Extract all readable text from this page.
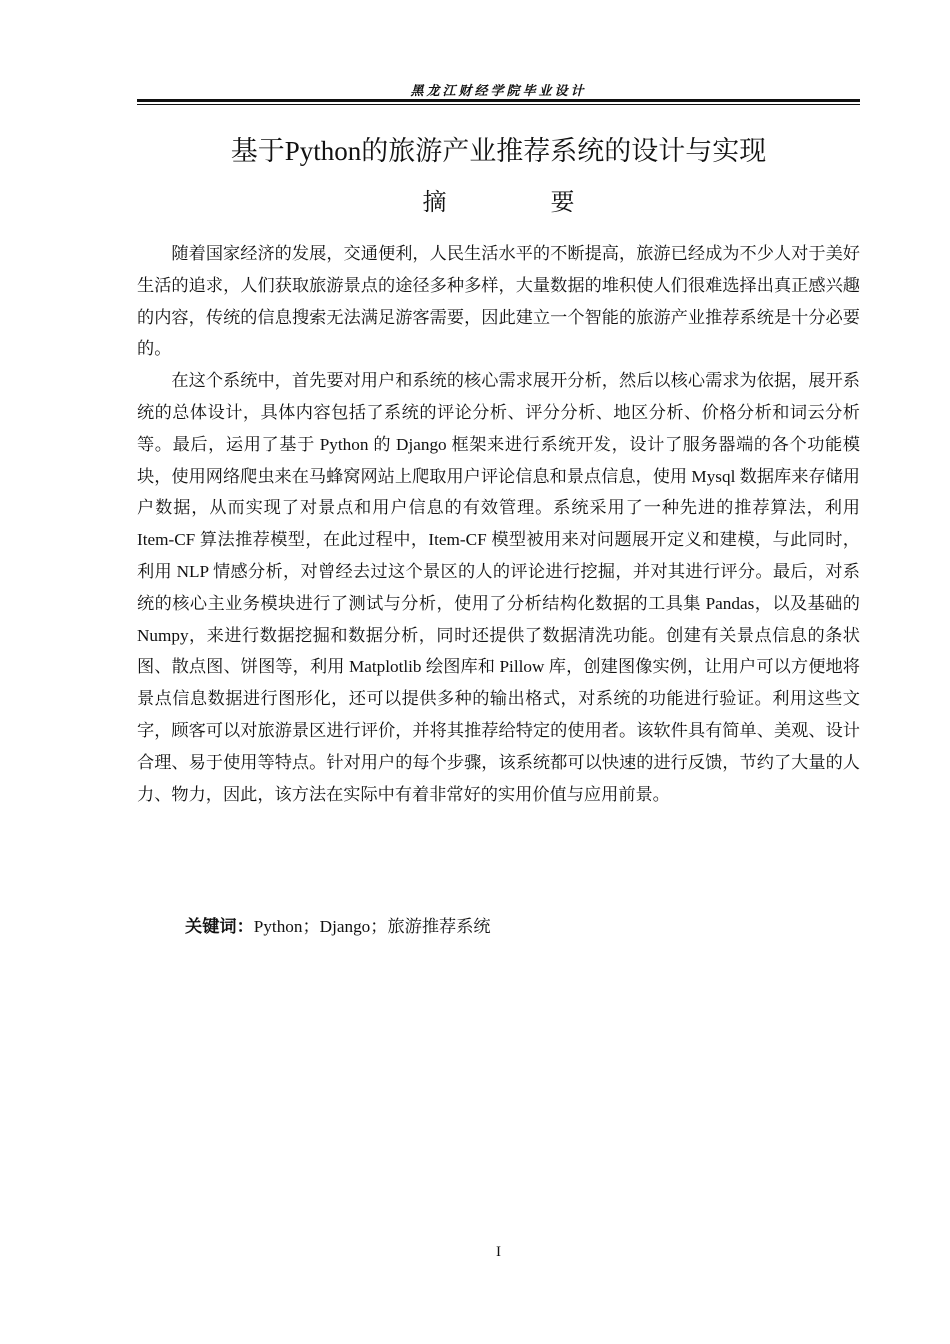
黑龙江财经学院毕业设计
基于Python的旅游产业推荐系统的设计与实现
摘　要

随着国家经济的发展，交通便利，人民生活水平的不断提高，旅游已经成为不少人对于美好生活的追求，人们获取旅游景点的途径多种多样，大量数据的堆积使人们很难选择出真正感兴趣的内容，传统的信息搜索无法满足游客需要，因此建立一个智能的旅游产业推荐系统是十分必要的。

在这个系统中，首先要对用户和系统的核心需求展开分析，然后以核心需求为依据，展开系统的总体设计，具体内容包括了系统的评论分析、评分分析、地区分析、价格分析和词云分析等。最后，运用了基于 Python 的 Django 框架来进行系统开发，设计了服务器端的各个功能模块，使用网络爬虫来在马蜂窝网站上爬取用户评论信息和景点信息，使用 Mysql 数据库来存储用户数据，从而实现了对景点和用户信息的有效管理。系统采用了一种先进的推荐算法，利用 Item-CF 算法推荐模型，在此过程中，Item-CF 模型被用来对问题展开定义和建模，与此同时，利用 NLP 情感分析，对曾经去过这个景区的人的评论进行挖掘，并对其进行评分。最后，对系统的核心主业务模块进行了测试与分析，使用了分析结构化数据的工具集 Pandas，以及基础的 Numpy，来进行数据挖掘和数据分析，同时还提供了数据清洗功能。创建有关景点信息的条状图、散点图、饼图等，利用 Matplotlib 绘图库和 Pillow 库，创建图像实例，让用户可以方便地将景点信息数据进行图形化，还可以提供多种的输出格式，对系统的功能进行验证。利用这些文字，顾客可以对旅游景区进行评价，并将其推荐给特定的使用者。该软件具有简单、美观、设计合理、易于使用等特点。针对用户的每个步骤，该系统都可以快速的进行反馈，节约了大量的人力、物力，因此，该方法在实际中有着非常好的实用价值与应用前景。

关键词：Python；Django；旅游推荐系统
I
